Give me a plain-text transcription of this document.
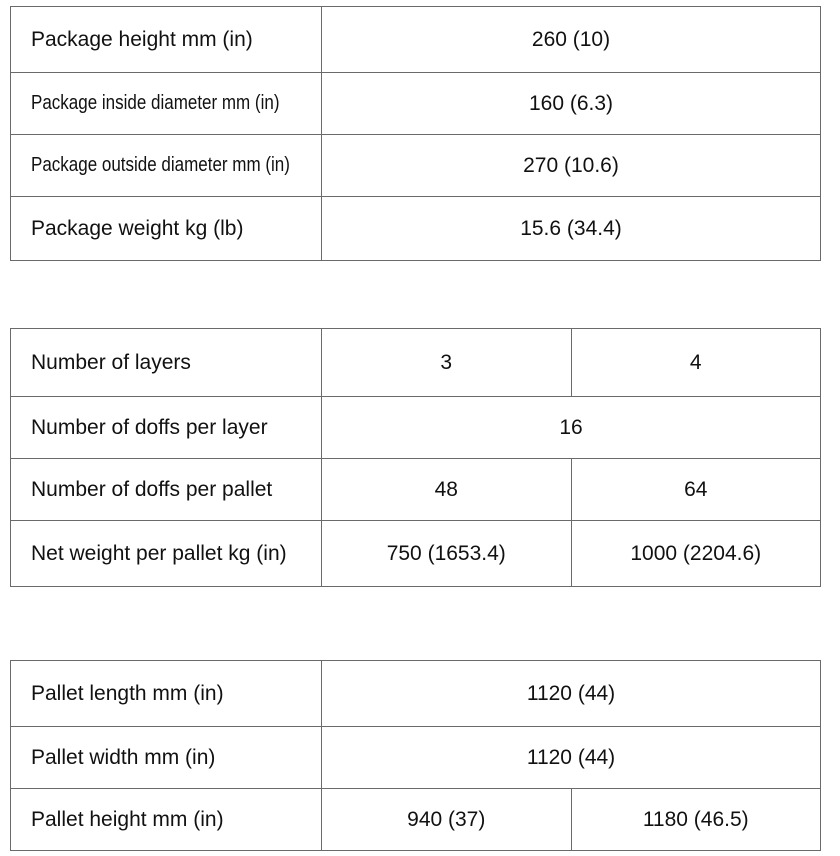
Package height mm (in)	260 (10)
Package inside diameter mm (in)	160 (6.3)
Package outside diameter mm (in)	270 (10.6)
Package weight kg (lb)	15.6 (34.4)
Number of layers	3	4
Number of doffs per layer	16	
Number of doffs per pallet	48	64
Net weight per pallet kg (in)	750 (1653.4)	1000 (2204.6)
Pallet length mm (in)	1120 (44)	
Pallet width mm (in)	1120 (44)	
Pallet height mm (in)	940 (37)	1180 (46.5)
